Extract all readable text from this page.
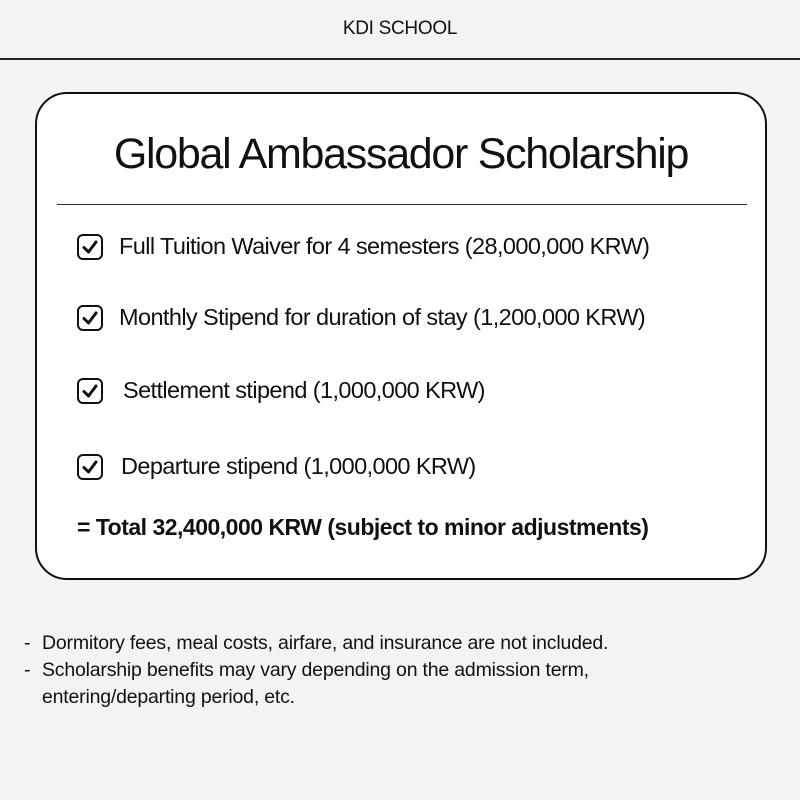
KDI SCHOOL
Global Ambassador Scholarship
Full Tuition Waiver for 4 semesters (28,000,000 KRW)
Monthly Stipend for duration of stay (1,200,000 KRW)
Settlement stipend (1,000,000 KRW)
Departure stipend (1,000,000 KRW)
= Total 32,400,000 KRW (subject to minor adjustments)
- Dormitory fees, meal costs, airfare, and insurance are not included.
- Scholarship benefits may vary depending on the admission term, entering/departing period, etc.
